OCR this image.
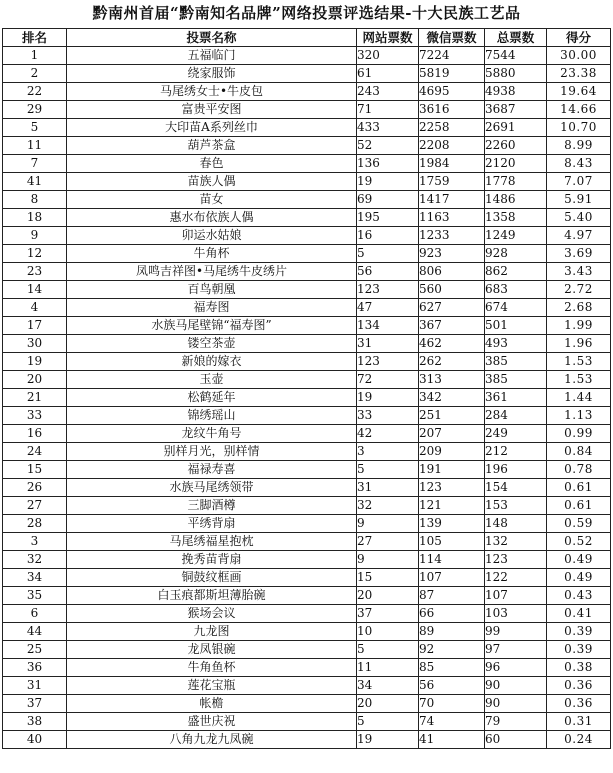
黔南州首届“黔南知名品牌”网络投票评选结果-十大民族工艺品
排名	投票名称	网站票数	微信票数	总票数	得分
1	五福临门	320	7224	7544	30.00
2	绕家服饰	61	5819	5880	23.38
22	马尾绣女士•牛皮包	243	4695	4938	19.64
29	富贵平安图	71	3616	3687	14.66
5	大印苗A系列丝巾	433	2258	2691	10.70
11	葫芦茶盒	52	2208	2260	8.99
7	春色	136	1984	2120	8.43
41	苗族人偶	19	1759	1778	7.07
8	苗女	69	1417	1486	5.91
18	惠水布依族人偶	195	1163	1358	5.40
9	卯运水姑娘	16	1233	1249	4.97
12	牛角杯	5	923	928	3.69
23	凤鸣吉祥图•马尾绣牛皮绣片	56	806	862	3.43
14	百鸟朝凰	123	560	683	2.72
4	福寿图	47	627	674	2.68
17	水族马尾壁锦“福寿图”	134	367	501	1.99
30	镂空茶壶	31	462	493	1.96
19	新娘的嫁衣	123	262	385	1.53
20	玉壶	72	313	385	1.53
21	松鹤延年	19	342	361	1.44
33	锦绣瑶山	33	251	284	1.13
16	龙纹牛角号	42	207	249	0.99
24	别样月光，别样情	3	209	212	0.84
15	福禄寿喜	5	191	196	0.78
26	水族马尾绣领带	31	123	154	0.61
27	三脚酒樽	32	121	153	0.61
28	平绣背扇	9	139	148	0.59
3	马尾绣福星抱枕	27	105	132	0.52
32	挽秀苗背扇	9	114	123	0.49
34	铜鼓纹框画	15	107	122	0.49
35	白玉痕都斯坦薄胎碗	20	87	107	0.43
6	猴场会议	37	66	103	0.41
44	九龙图	10	89	99	0.39
25	龙凤银碗	5	92	97	0.39
36	牛角鱼杯	11	85	96	0.38
31	莲花宝瓶	34	56	90	0.36
37	帐檐	20	70	90	0.36
38	盛世庆祝	5	74	79	0.31
40	八角九龙九凤碗	19	41	60	0.24
